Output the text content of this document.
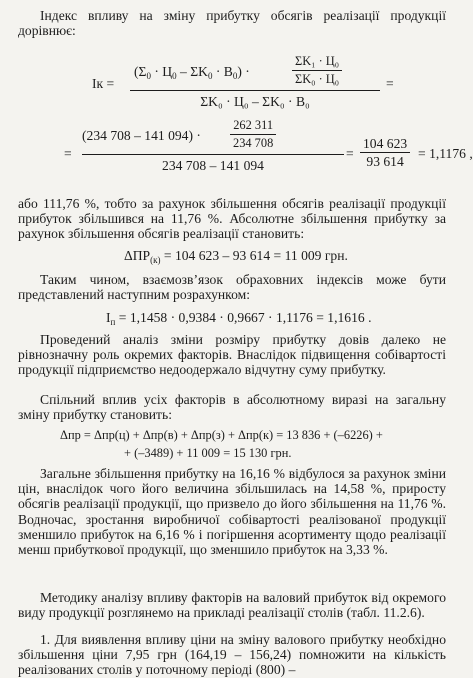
Індекс впливу на зміну прибутку обсягів реалізації продукції дорівнює:

Iк =
$(\Sigma_0 \cdot Ц_0 - \Sigma K_0 \cdot B_0)$ ·
ΣK₁ · Ц₀
ΣK₀ · Ц₀
ΣK₀ · Ц₀ – ΣK₀ · B₀
=
(234 708 – 141 $094) \cdot \frac{262 311}{234 708}$
234 708 – 141 094
=	= $\frac{104 623}{93 614} = 1,1176$ ,

або 111,76 %, тобто за рахунок збільшення обсягів реалізації продукції прибуток збільшився на 11,76 %. Абсолютне збільшення прибутку за рахунок збільшення обсягів реалізації становить:

$\Delta ПР_{(к)} = 104$ 623 – 93 614 = 11 009 грн.

Таким чином, взаємозв’язок обраховних індексів може бути представлений наступним розрахунком:

$I_п = 1,1458 \cdot 0,9384 \cdot 0,9667 \cdot 1,1176 = 1,1616$ .

Проведений аналіз зміни розміру прибутку довів далеко не рівнозначну роль окремих факторів. Внаслідок підвищення собівартості продукції підприємство недоодержало відчутну суму прибутку.

Спільний вплив усіх факторів в абсолютному виразі на загальну зміну прибутку становить:

Δпр = Δпр(ц) + Δпр(в) + Δпр(з) + Δпр(к) = 13 836 + (–6226) +
+ (–3489) + 11 009 = 15 130 грн.

Загальне збільшення прибутку на 16,16 % відбулося за рахунок зміни цін, внаслідок чого його величина збільшилась на 14,58 %, приросту обсягів реалізації продукції, що призвело до його збільшення на 11,76 %. Водночас, зростання виробничої собівартості реалізованої продукції зменшило прибуток на 6,16 % і погіршення асортименту щодо реалізації менш прибуткової продукції, що зменшило прибуток на 3,33 %.

Методику аналізу впливу факторів на валовий прибуток від окремого виду продукції розглянемо на прикладі реалізації столів (табл. 11.2.6).

1. Для виявлення впливу ціни на зміну валового прибутку необхідно збільшення ціни 7,95 грн (164,19 – 156,24) помножити на кількість реалізованих столів у поточному періоді (800) –
